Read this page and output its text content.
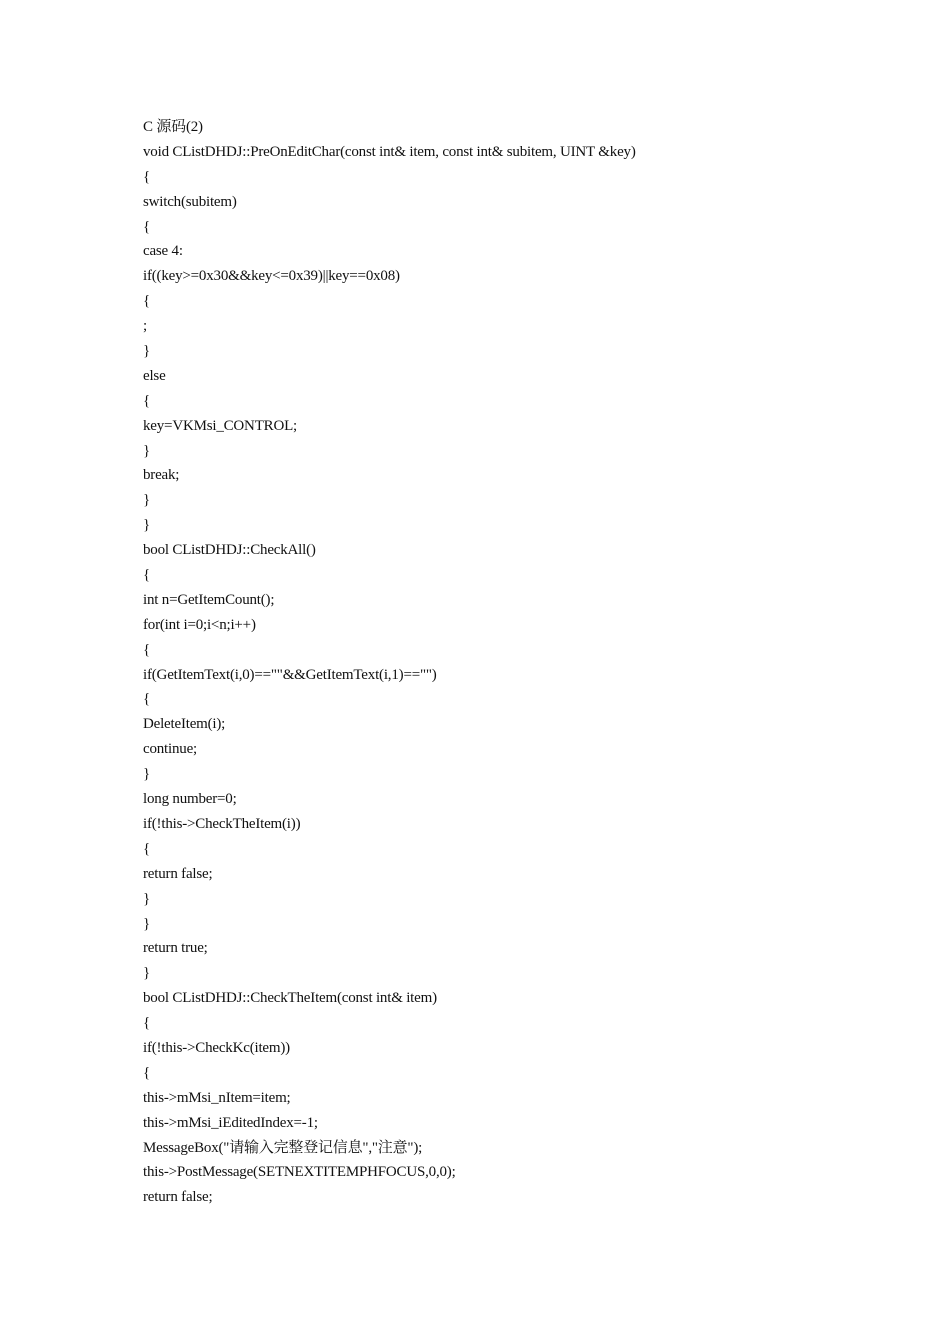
C 源码(2)
void CListDHDJ::PreOnEditChar(const int& item, const int& subitem, UINT &key)
{
switch(subitem)
{
case 4:
if((key>=0x30&&key<=0x39)||key==0x08)
{
;
}
else
{
key=VKMsi_CONTROL;
}
break;
}
}
bool CListDHDJ::CheckAll()
{
int n=GetItemCount();
for(int i=0;i<n;i++)
{
if(GetItemText(i,0)==""&&GetItemText(i,1)=="")
{
DeleteItem(i);
continue;
}
long number=0;
if(!this->CheckTheItem(i))
{
return false;
}
}
return true;
}
bool CListDHDJ::CheckTheItem(const int& item)
{
if(!this->CheckKc(item))
{
this->mMsi_nItem=item;
this->mMsi_iEditedIndex=-1;
MessageBox("请输入完整登记信息","注意");
this->PostMessage(SETNEXTITEMPHFOCUS,0,0);
return false;
